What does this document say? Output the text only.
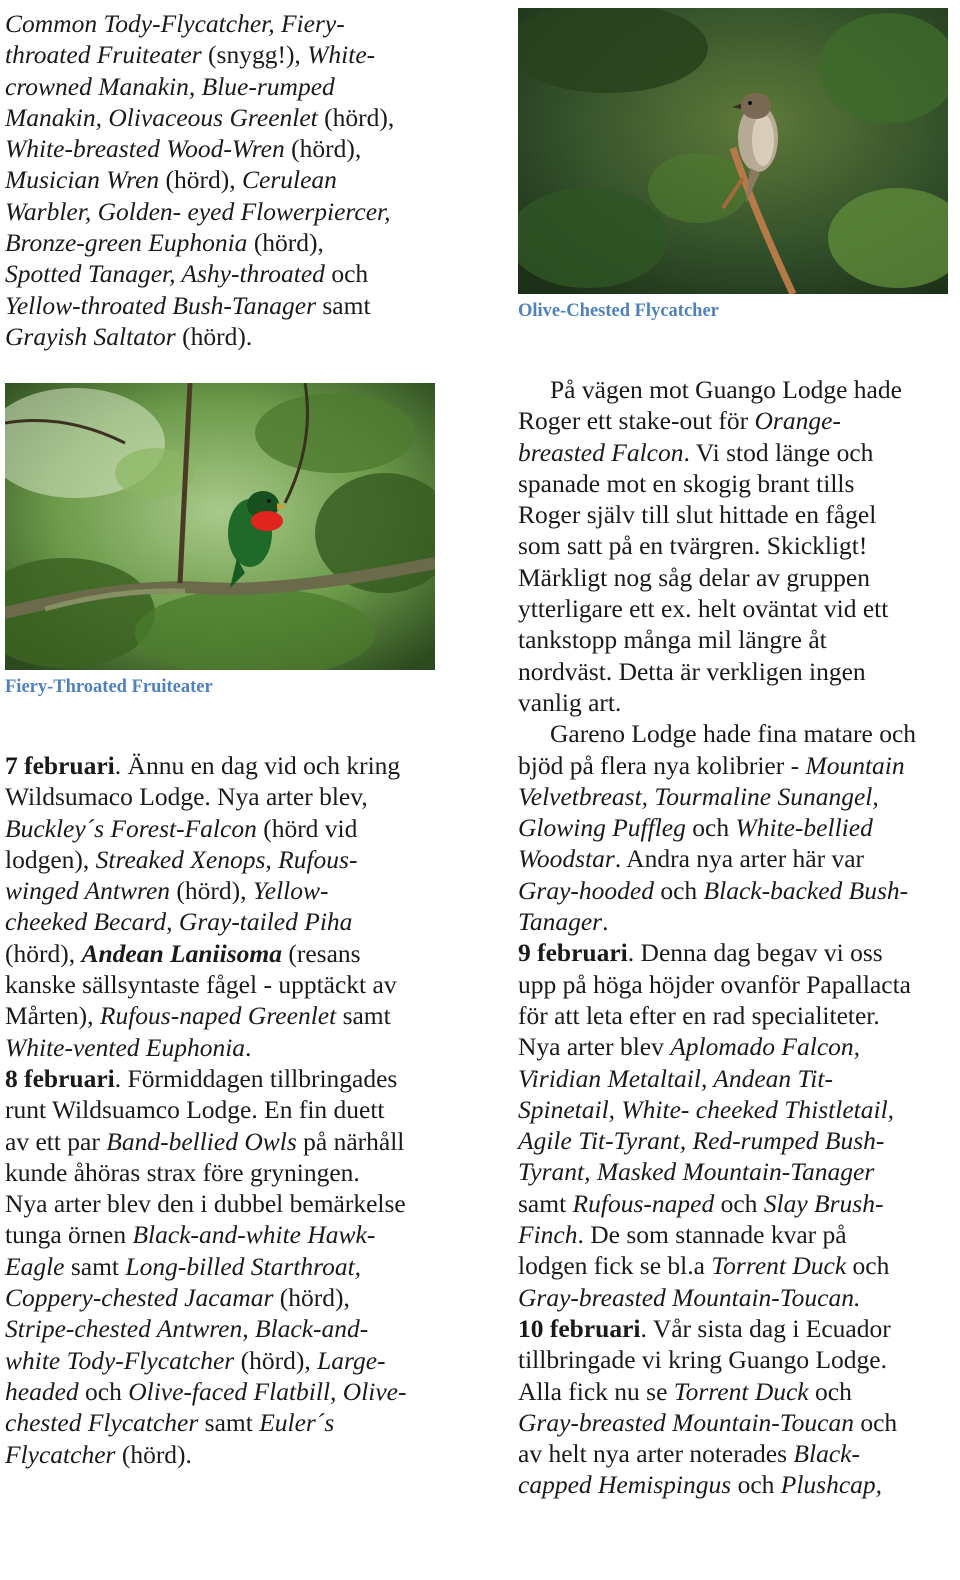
Common Tody-Flycatcher, Fiery-

throated Fruiteater (snygg!), White-

crowned Manakin, Blue-rumped

Manakin, Olivaceous Greenlet (hörd),

White-breasted Wood-Wren (hörd),

Musician Wren (hörd), Cerulean

Warbler, Golden- eyed Flowerpiercer,

Bronze-green Euphonia (hörd),

Spotted Tanager, Ashy-throated och

Yellow-throated Bush-Tanager samt

Grayish Saltator (hörd).

Fiery-Throated Fruiteater

7 februari. Ännu en dag vid och kring

Wildsumaco Lodge. Nya arter blev,

Buckley´s Forest-Falcon (hörd vid

lodgen), Streaked Xenops, Rufous-

winged Antwren (hörd), Yellow-

cheeked Becard, Gray-tailed Piha

(hörd), Andean Laniisoma (resans

kanske sällsyntaste fågel - upptäckt av

Mårten), Rufous-naped Greenlet samt

White-vented Euphonia.

8 februari. Förmiddagen tillbringades

runt Wildsuamco Lodge. En fin duett

av ett par Band-bellied Owls på närhåll

kunde åhöras strax före gryningen.

Nya arter blev den i dubbel bemärkelse

tunga örnen Black-and-white Hawk-

Eagle samt Long-billed Starthroat,

Coppery-chested Jacamar (hörd),

Stripe-chested Antwren, Black-and-

white Tody-Flycatcher (hörd), Large-

headed och Olive-faced Flatbill, Olive-

chested Flycatcher samt Euler´s

Flycatcher (hörd).

Olive-Chested Flycatcher

På vägen mot Guango Lodge hade

Roger ett stake-out för Orange-

breasted Falcon. Vi stod länge och

spanade mot en skogig brant tills

Roger själv till slut hittade en fågel

som satt på en tvärgren. Skickligt!

Märkligt nog såg delar av gruppen

ytterligare ett ex. helt oväntat vid ett

tankstopp många mil längre åt

nordväst. Detta är verkligen ingen

vanlig art.

Gareno Lodge hade fina matare och

bjöd på flera nya kolibrier - Mountain

Velvetbreast, Tourmaline Sunangel,

Glowing Puffleg och White-bellied

Woodstar. Andra nya arter här var

Gray-hooded och Black-backed Bush-

Tanager.

9 februari. Denna dag begav vi oss

upp på höga höjder ovanför Papallacta

för att leta efter en rad specialiteter.

Nya arter blev Aplomado Falcon,

Viridian Metaltail, Andean Tit-

Spinetail, White- cheeked Thistletail,

Agile Tit-Tyrant, Red-rumped Bush-

Tyrant, Masked Mountain-Tanager

samt Rufous-naped och Slay Brush-

Finch. De som stannade kvar på

lodgen fick se bl.a Torrent Duck och

Gray-breasted Mountain-Toucan.

10 februari. Vår sista dag i Ecuador

tillbringade vi kring Guango Lodge.

Alla fick nu se Torrent Duck och

Gray-breasted Mountain-Toucan och

av helt nya arter noterades Black-

capped Hemispingus och Plushcap,
